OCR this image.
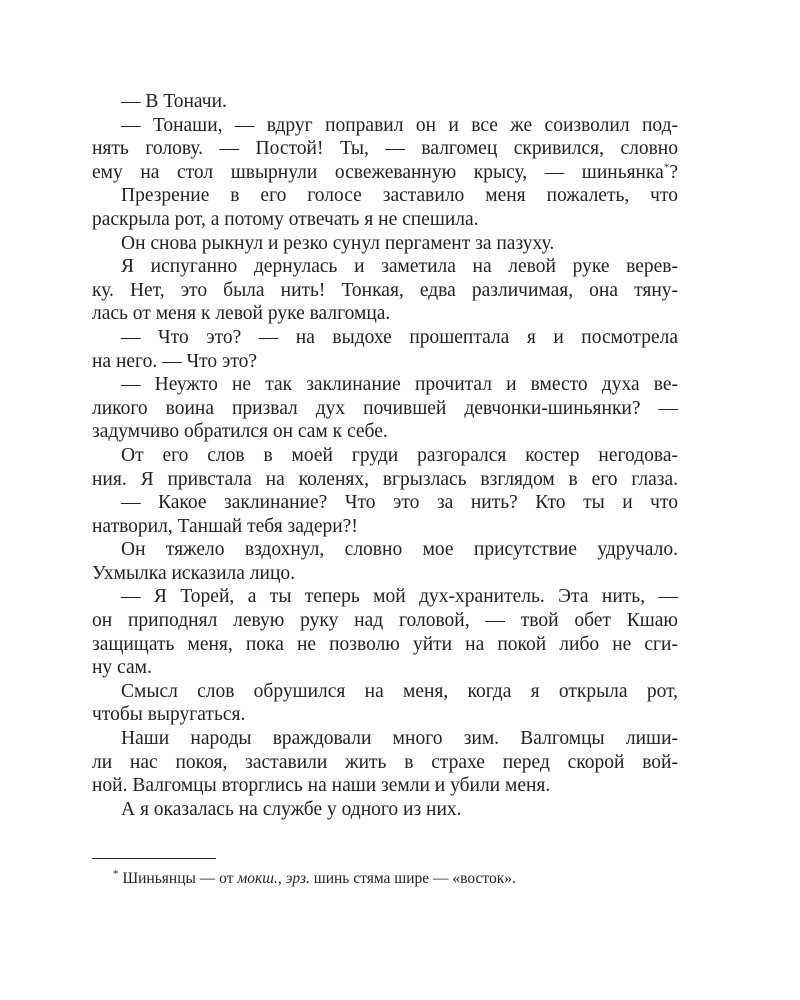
— В Тоначи.
— Тонаши, — вдруг поправил он и все же соизволил под-
нять голову. — Постой! Ты, — валгомец скривился, словно
ему на стол швырнули освежеванную крысу, — шиньянка*?
Презрение в его голосе заставило меня пожалеть, что
раскрыла рот, а потому отвечать я не спешила.
Он снова рыкнул и резко сунул пергамент за пазуху.
Я испуганно дернулась и заметила на левой руке верев-
ку. Нет, это была нить! Тонкая, едва различимая, она тяну-
лась от меня к левой руке валгомца.
— Что это? — на выдохе прошептала я и посмотрела
на него. — Что это?
— Неужто не так заклинание прочитал и вместо духа ве-
ликого воина призвал дух почившей девчонки-шиньянки? —
задумчиво обратился он сам к себе.
От его слов в моей груди разгорался костер негодова-
ния. Я привстала на коленях, вгрызлась взглядом в его глаза.
— Какое заклинание? Что это за нить? Кто ты и что
натворил, Таншай тебя задери?!
Он тяжело вздохнул, словно мое присутствие удручало.
Ухмылка исказила лицо.
— Я Торей, а ты теперь мой дух-хранитель. Эта нить, —
он приподнял левую руку над головой, — твой обет Кшаю
защищать меня, пока не позволю уйти на покой либо не сги-
ну сам.
Смысл слов обрушился на меня, когда я открыла рот,
чтобы выругаться.
Наши народы враждовали много зим. Валгомцы лиши-
ли нас покоя, заставили жить в страхе перед скорой вой-
ной. Валгомцы вторглись на наши земли и убили меня.
А я оказалась на службе у одного из них.
* Шиньянцы — от мокш., эрз. шинь стяма шире — «восток».
